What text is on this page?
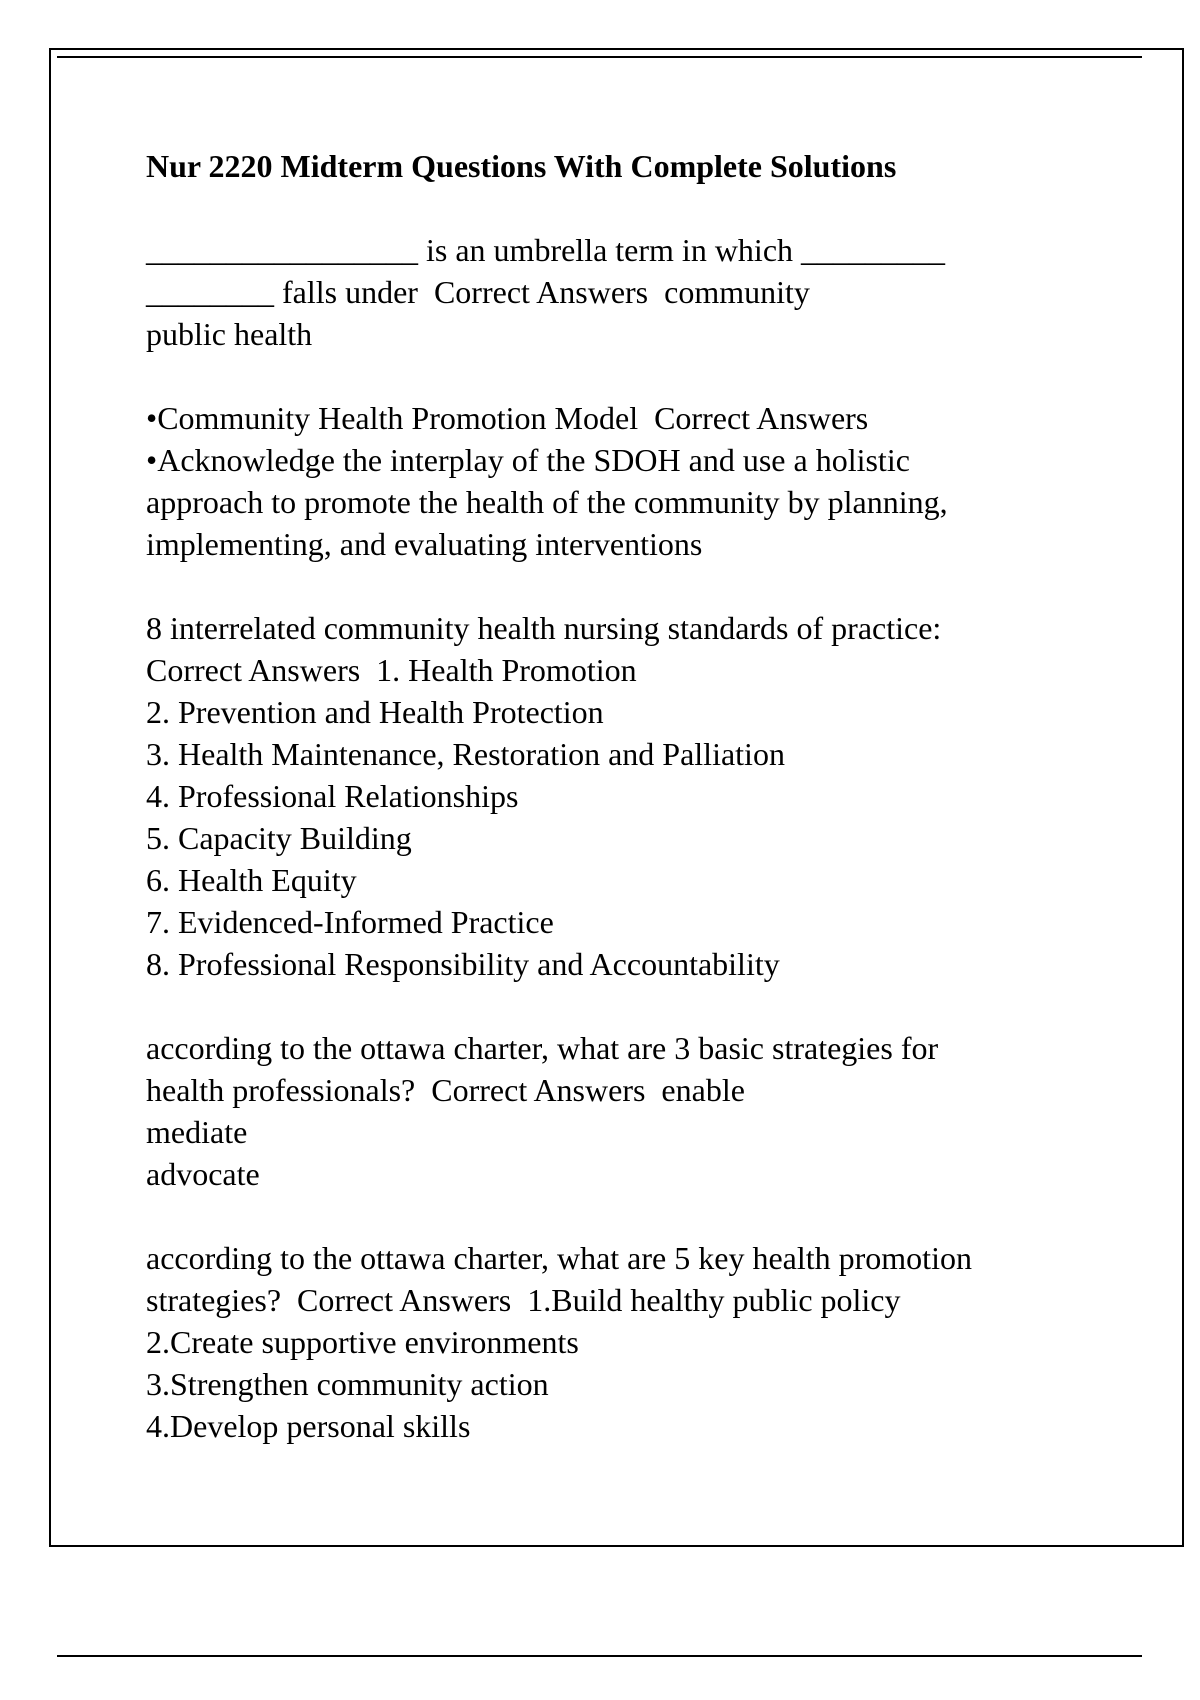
Nur 2220 Midterm Questions With Complete Solutions
_________________ is an umbrella term in which _________
________ falls under  Correct Answers  community
public health
•Community Health Promotion Model  Correct Answers
•Acknowledge the interplay of the SDOH and use a holistic
approach to promote the health of the community by planning,
implementing, and evaluating interventions
8 interrelated community health nursing standards of practice:
Correct Answers  1. Health Promotion
2. Prevention and Health Protection
3. Health Maintenance, Restoration and Palliation
4. Professional Relationships
5. Capacity Building
6. Health Equity
7. Evidenced-Informed Practice
8. Professional Responsibility and Accountability
according to the ottawa charter, what are 3 basic strategies for
health professionals?  Correct Answers  enable
mediate
advocate
according to the ottawa charter, what are 5 key health promotion
strategies?  Correct Answers  1.Build healthy public policy
2.Create supportive environments
3.Strengthen community action
4.Develop personal skills
